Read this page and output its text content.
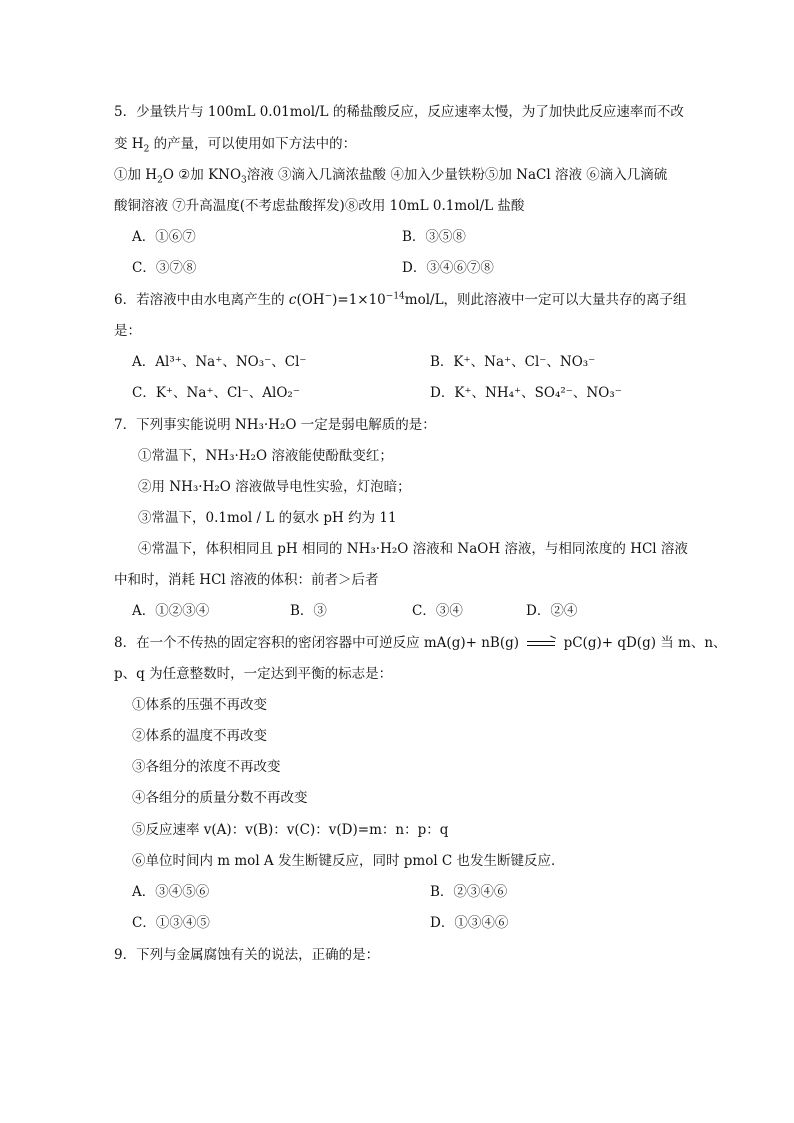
5．少量铁片与 100mL 0.01mol/L 的稀盐酸反应，反应速率太慢，为了加快此反应速率而不改
变 $H_2$ 的产量，可以使用如下方法中的：
①加 $H_2O$ ②加 $KNO_3$溶液 ③滴入几滴浓盐酸 ④加入少量铁粉⑤加 NaCl 溶液 ⑥滴入几滴硫
酸铜溶液 ⑦升高温度(不考虑盐酸挥发)⑧改用 10mL 0.1mol/L 盐酸
A．①⑥⑦	B．③⑤⑧
C．③⑦⑧	D．③④⑥⑦⑧
6．若溶液中由水电离产生的 $c(OH^-)=1\times 10^{-14}mol/L$，则此溶液中一定可以大量共存的离子组
是：
A．Al³⁺、Na⁺、NO₃⁻、Cl⁻	B．K⁺、Na⁺、Cl⁻、NO₃⁻
C．K⁺、Na⁺、Cl⁻、AlO₂⁻	D．K⁺、NH₄⁺、SO₄²⁻、NO₃⁻
7．下列事实能说明 NH₃·H₂O 一定是弱电解质的是：
①常温下，NH₃·H₂O 溶液能使酚酞变红；
②用 NH₃·H₂O 溶液做导电性实验，灯泡暗；
③常温下，0.1mol / L 的氨水 pH 约为 11
④常温下，体积相同且 pH 相同的 NH₃·H₂O 溶液和 NaOH 溶液，与相同浓度的 HCl 溶液
中和时，消耗 HCl 溶液的体积：前者＞后者
A．①②③④	B．③	C．③④	D．②④
8．在一个不传热的固定容积的密闭容器中可逆反应 mA(g)+ nB(g) → pC(g)+ qD(g) 当 m、n、
p、q 为任意整数时，一定达到平衡的标志是：
①体系的压强不再改变
②体系的温度不再改变
③各组分的浓度不再改变
④各组分的质量分数不再改变
⑤反应速率 v(A)：v(B)：v(C)：v(D)=m：n：p：q
⑥单位时间内 m mol A 发生断键反应，同时 pmol C 也发生断键反应．
A．③④⑤⑥	B．②③④⑥
C．①③④⑤	D．①③④⑥
9．下列与金属腐蚀有关的说法，正确的是：
